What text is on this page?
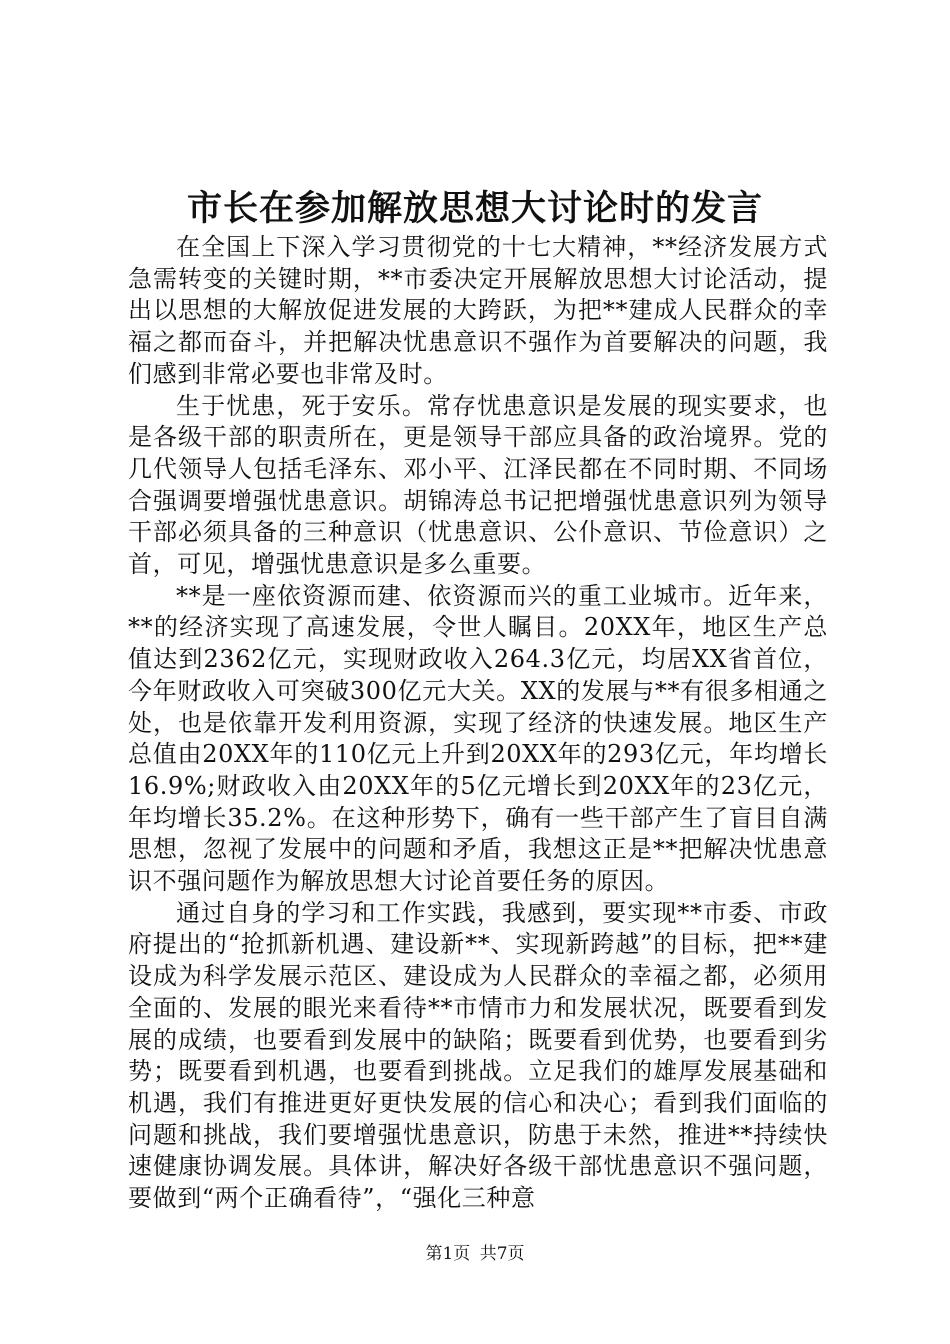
市长在参加解放思想大讨论时的发言

在全国上下深入学习贯彻党的十七大精神，**经济发展方式急需转变的关键时期，**市委决定开展解放思想大讨论活动，提出以思想的大解放促进发展的大跨跃，为把**建成人民群众的幸福之都而奋斗，并把解决忧患意识不强作为首要解决的问题，我们感到非常必要也非常及时。

生于忧患，死于安乐。常存忧患意识是发展的现实要求，也是各级干部的职责所在，更是领导干部应具备的政治境界。党的几代领导人包括毛泽东、邓小平、江泽民都在不同时期、不同场合强调要增强忧患意识。胡锦涛总书记把增强忧患意识列为领导干部必须具备的三种意识（忧患意识、公仆意识、节俭意识）之首，可见，增强忧患意识是多么重要。

**是一座依资源而建、依资源而兴的重工业城市。近年来，**的经济实现了高速发展，令世人瞩目。20XX年，地区生产总值达到2362亿元，实现财政收入264.3亿元，均居XX省首位，今年财政收入可突破300亿元大关。XX的发展与**有很多相通之处，也是依靠开发利用资源，实现了经济的快速发展。地区生产总值由20XX年的110亿元上升到20XX年的293亿元，年均增长16.9%;财政收入由20XX年的5亿元增长到20XX年的23亿元，年均增长35.2%。在这种形势下，确有一些干部产生了盲目自满思想，忽视了发展中的问题和矛盾，我想这正是**把解决忧患意识不强问题作为解放思想大讨论首要任务的原因。

通过自身的学习和工作实践，我感到，要实现**市委、市政府提出的“抢抓新机遇、建设新**、实现新跨越”的目标，把**建设成为科学发展示范区、建设成为人民群众的幸福之都，必须用全面的、发展的眼光来看待**市情市力和发展状况，既要看到发展的成绩，也要看到发展中的缺陷；既要看到优势，也要看到劣势；既要看到机遇，也要看到挑战。立足我们的雄厚发展基础和机遇，我们有推进更好更快发展的信心和决心；看到我们面临的问题和挑战，我们要增强忧患意识，防患于未然，推进**持续快速健康协调发展。具体讲，解决好各级干部忧患意识不强问题，要做到“两个正确看待”，“强化三种意

第1页 共7页
